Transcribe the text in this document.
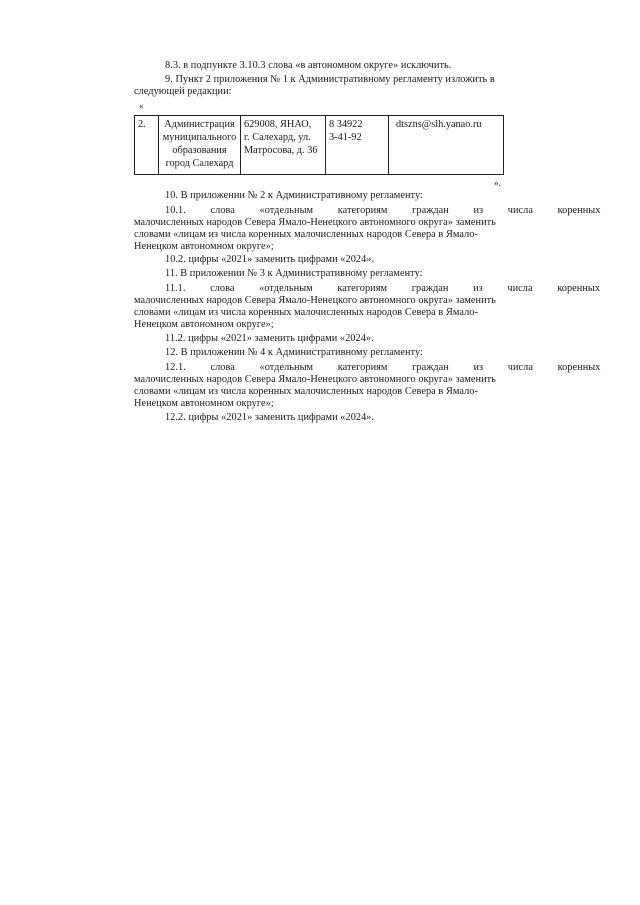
8.3. в подпункте 3.10.3 слова «в автономном округе» исключить.
9. Пункт 2 приложения № 1 к Административному регламенту изложить в
следующей редакции:
«
2.	Администрация
муниципального
образования
город Салехард
629008, ЯНАО,
г. Салехард, ул.
Матросова, д. 36
8 34922
3-41-92
dtszns@slh.yanao.ru
».
10. В приложении № 2 к Административному регламенту:
10.1. слова «отдельным категориям граждан из числа коренных
малочисленных народов Севера Ямало-Ненецкого автономного округа» заменить
словами «лицам из числа коренных малочисленных народов Севера в Ямало-
Ненецком автономном округе»;
10.2. цифры «2021» заменить цифрами «2024».
11. В приложении № 3 к Административному регламенту:
11.1. слова «отдельным категориям граждан из числа коренных
малочисленных народов Севера Ямало-Ненецкого автономного округа» заменить
словами «лицам из числа коренных малочисленных народов Севера в Ямало-
Ненецком автономном округе»;
11.2. цифры «2021» заменить цифрами «2024».
12. В приложении № 4 к Административному регламенту:
12.1. слова «отдельным категориям граждан из числа коренных
малочисленных народов Севера Ямало-Ненецкого автономного округа» заменить
словами «лицам из числа коренных малочисленных народов Севера в Ямало-
Ненецком автономном округе»;
12.2. цифры «2021» заменить цифрами «2024».
